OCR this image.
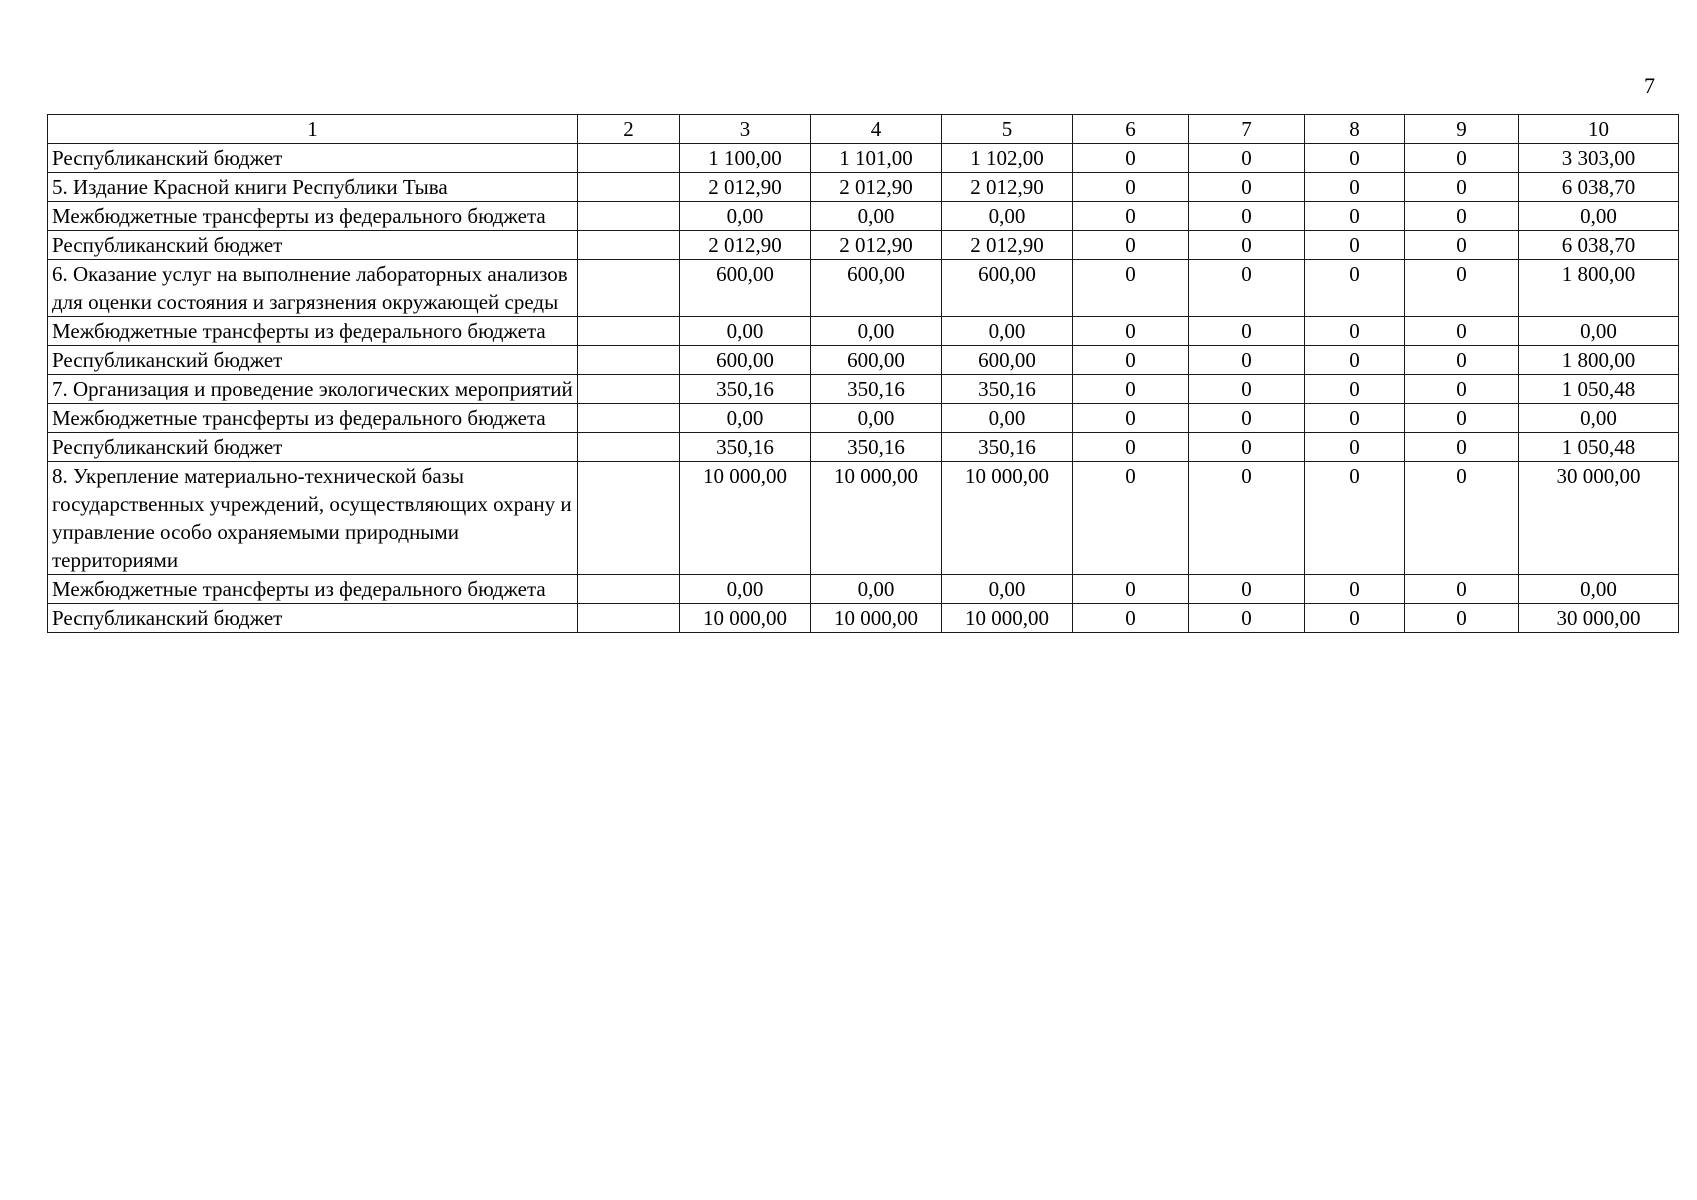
7
1	2	3	4	5	6	7	8	9	10
Республиканский бюджет		1 100,00	1 101,00	1 102,00	0	0	0	0	3 303,00
5. Издание Красной книги Республики Тыва		2 012,90	2 012,90	2 012,90	0	0	0	0	6 038,70
Межбюджетные трансферты из федерального бюджета		0,00	0,00	0,00	0	0	0	0	0,00
Республиканский бюджет		2 012,90	2 012,90	2 012,90	0	0	0	0	6 038,70
6. Оказание услуг на выполнение лабораторных анализов для оценки состояния и загрязнения окружающей среды		600,00	600,00	600,00	0	0	0	0	1 800,00
Межбюджетные трансферты из федерального бюджета		0,00	0,00	0,00	0	0	0	0	0,00
Республиканский бюджет		600,00	600,00	600,00	0	0	0	0	1 800,00
7. Организация и проведение экологических мероприятий		350,16	350,16	350,16	0	0	0	0	1 050,48
Межбюджетные трансферты из федерального бюджета		0,00	0,00	0,00	0	0	0	0	0,00
Республиканский бюджет		350,16	350,16	350,16	0	0	0	0	1 050,48
8. Укрепление материально-технической базы государственных учреждений, осуществляющих охрану и управление особо охраняемыми природными территориями		10 000,00	10 000,00	10 000,00	0	0	0	0	30 000,00
Межбюджетные трансферты из федерального бюджета		0,00	0,00	0,00	0	0	0	0	0,00
Республиканский бюджет		10 000,00	10 000,00	10 000,00	0	0	0	0	30 000,00
